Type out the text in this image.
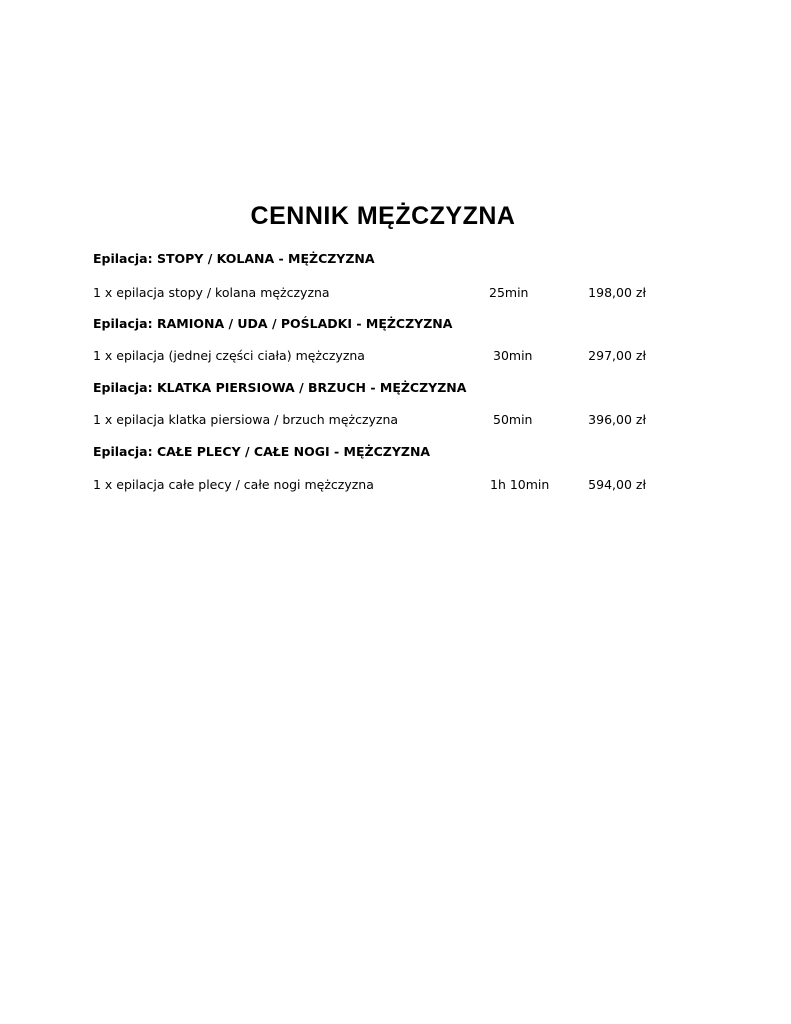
CENNIK MĘŻCZYZNA
Epilacja: STOPY / KOLANA - MĘŻCZYZNA
1 x epilacja stopy / kolana mężczyzna	25min	198,00 zł
Epilacja: RAMIONA / UDA / POŚLADKI - MĘŻCZYZNA
1 x epilacja (jednej części ciała) mężczyzna	30min	297,00 zł
Epilacja: KLATKA PIERSIOWA / BRZUCH - MĘŻCZYZNA
1 x epilacja klatka piersiowa / brzuch mężczyzna	50min	396,00 zł
Epilacja: CAŁE PLECY / CAŁE NOGI - MĘŻCZYZNA
1 x epilacja całe plecy / całe nogi mężczyzna	1h 10min	594,00 zł
